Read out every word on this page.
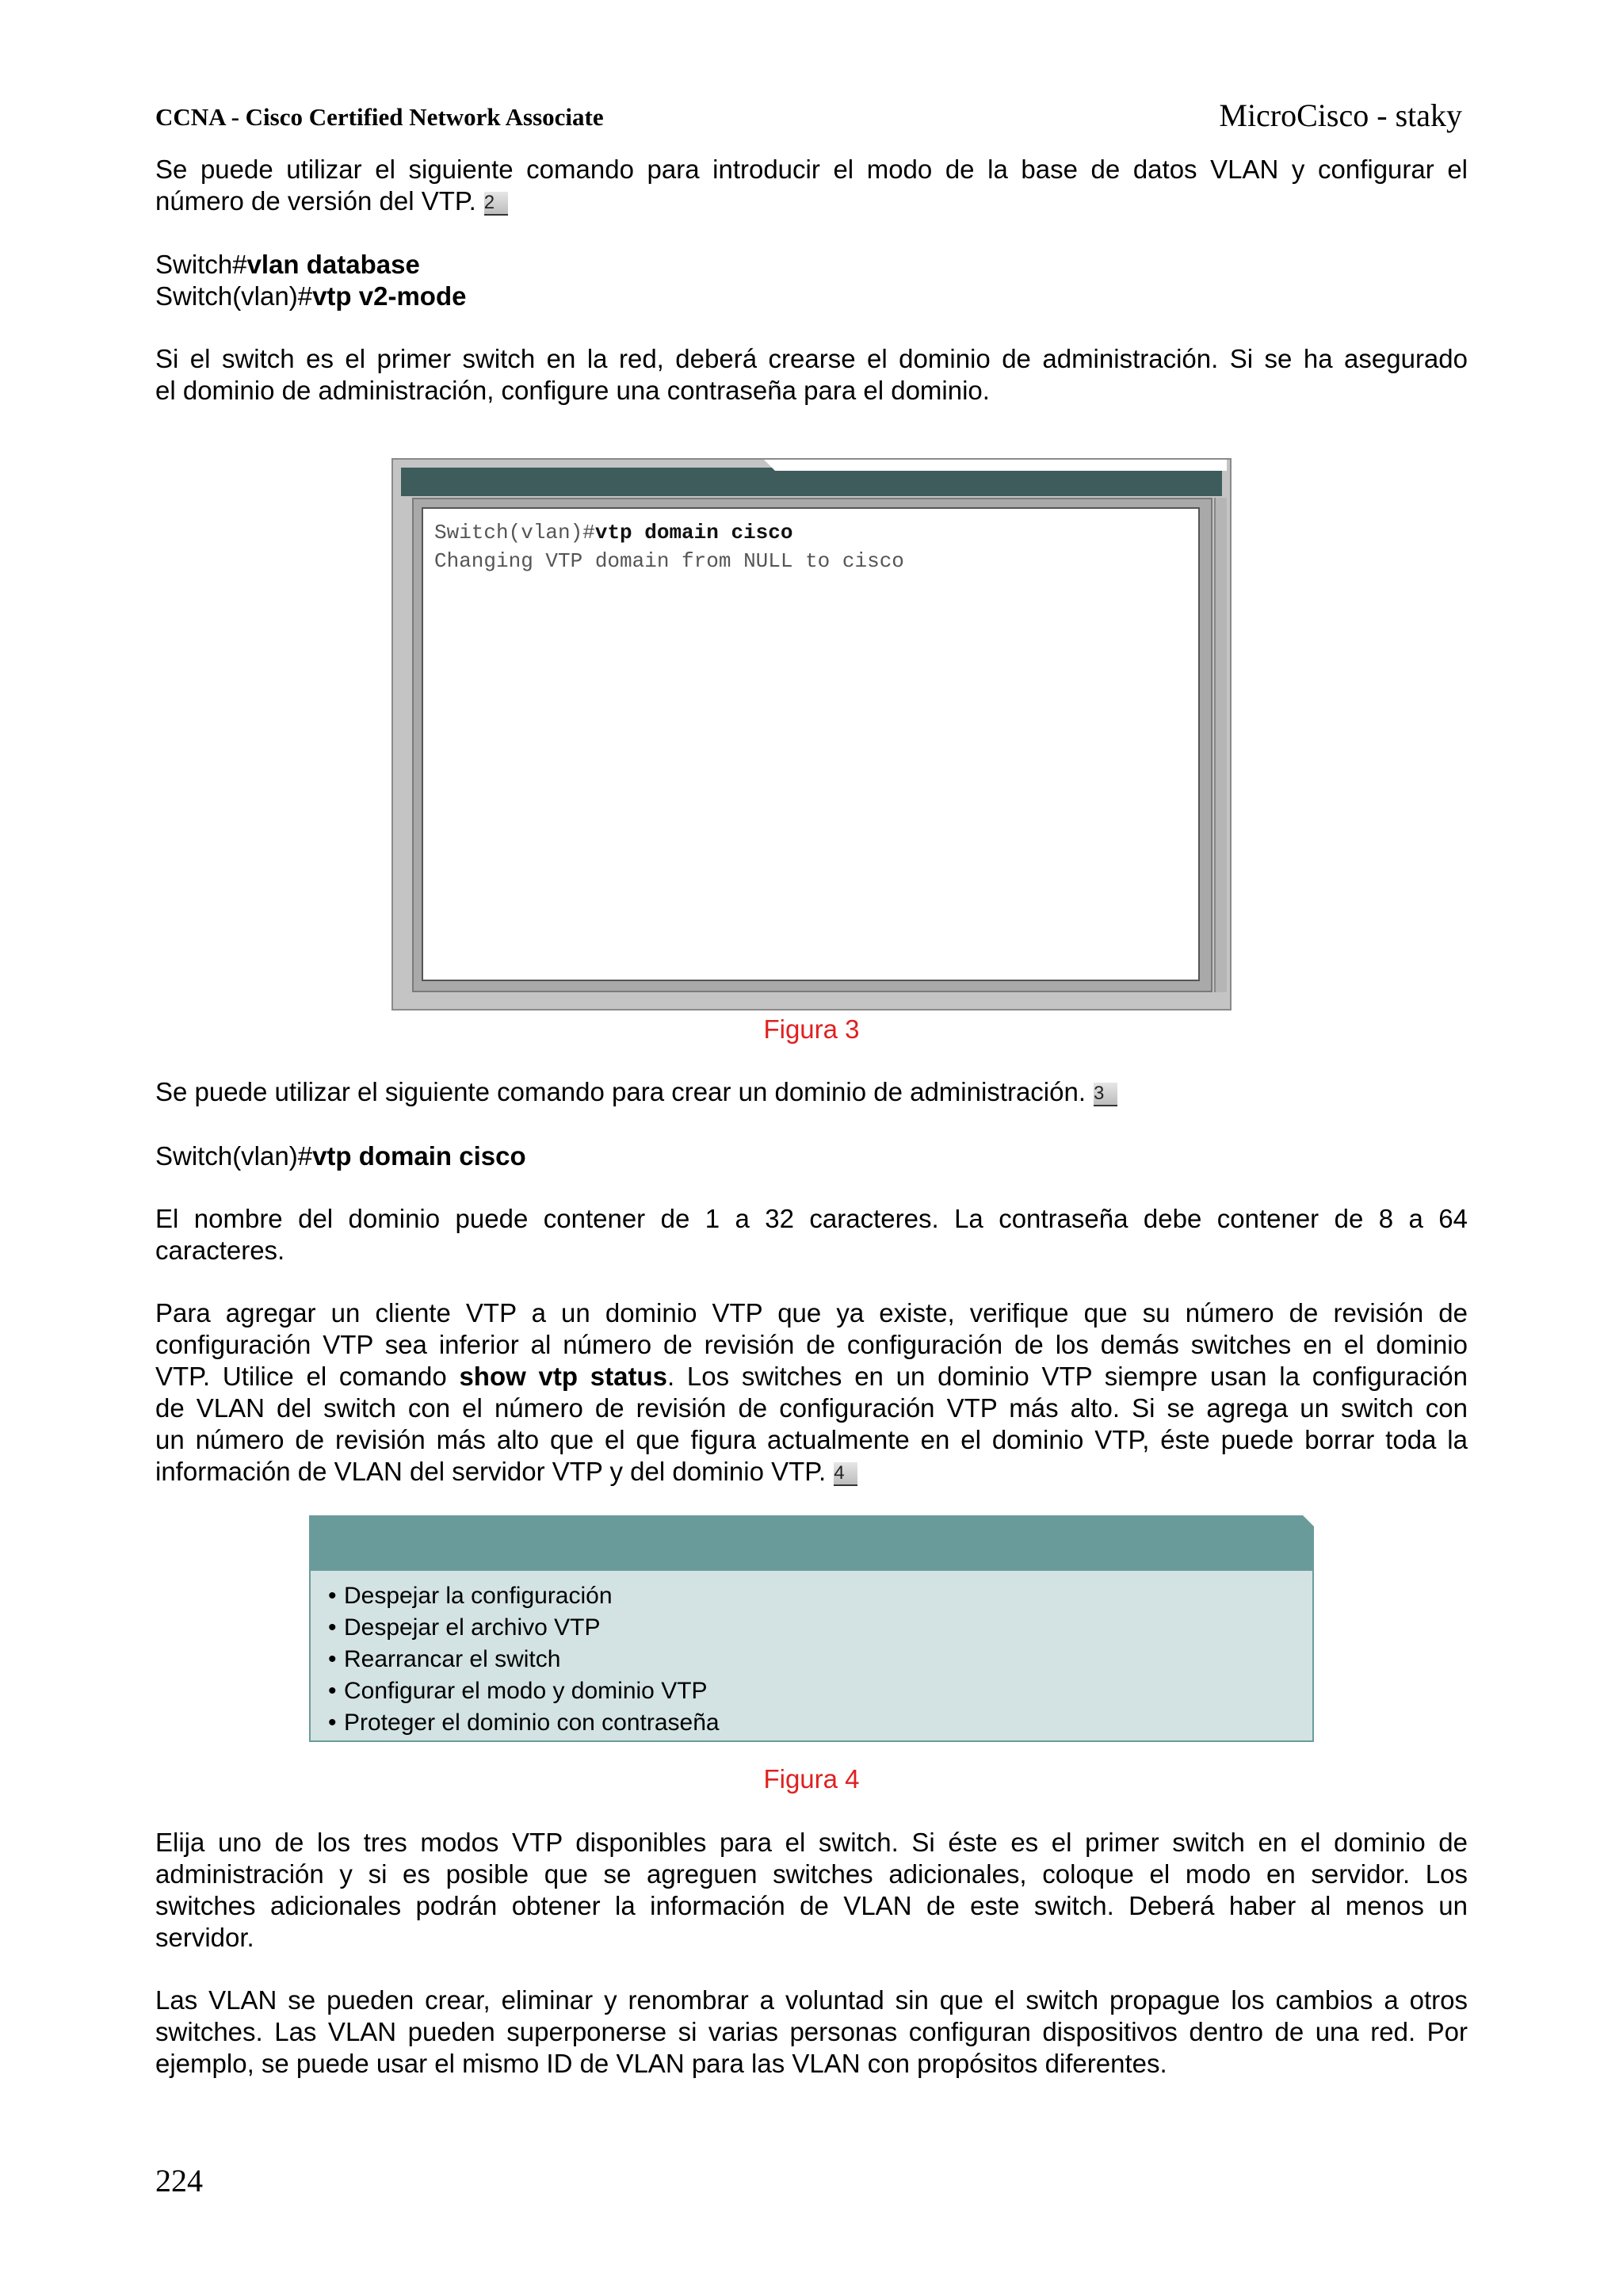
CCNA - Cisco Certified Network Associate	MicroCisco - staky
Se puede utilizar el siguiente comando para introducir el modo de la base de datos VLAN y configurar el
número de versión del VTP. 2
Switch#vlan database
Switch(vlan)#vtp v2-mode
Si el switch es el primer switch en la red, deberá crearse el dominio de administración. Si se ha asegurado
el dominio de administración, configure una contraseña para el dominio.
Switch(vlan)#vtp domain cisco
Changing VTP domain from NULL to cisco
Figura 3
Se puede utilizar el siguiente comando para crear un dominio de administración. 3
Switch(vlan)#vtp domain cisco
El nombre del dominio puede contener de 1 a 32 caracteres. La contraseña debe contener de 8 a 64
caracteres.
Para agregar un cliente VTP a un dominio VTP que ya existe, verifique que su número de revisión de
configuración VTP sea inferior al número de revisión de configuración de los demás switches en el dominio
VTP. Utilice el comando show vtp status. Los switches en un dominio VTP siempre usan la configuración
de VLAN del switch con el número de revisión de configuración VTP más alto. Si se agrega un switch con
un número de revisión más alto que el que figura actualmente en el dominio VTP, éste puede borrar toda la
información de VLAN del servidor VTP y del dominio VTP. 4
• Despejar la configuración
• Despejar el archivo VTP
• Rearrancar el switch
• Configurar el modo y dominio VTP
• Proteger el dominio con contraseña
Figura 4
Elija uno de los tres modos VTP disponibles para el switch. Si éste es el primer switch en el dominio de
administración y si es posible que se agreguen switches adicionales, coloque el modo en servidor. Los
switches adicionales podrán obtener la información de VLAN de este switch. Deberá haber al menos un
servidor.
Las VLAN se pueden crear, eliminar y renombrar a voluntad sin que el switch propague los cambios a otros
switches. Las VLAN pueden superponerse si varias personas configuran dispositivos dentro de una red. Por
ejemplo, se puede usar el mismo ID de VLAN para las VLAN con propósitos diferentes.
224
